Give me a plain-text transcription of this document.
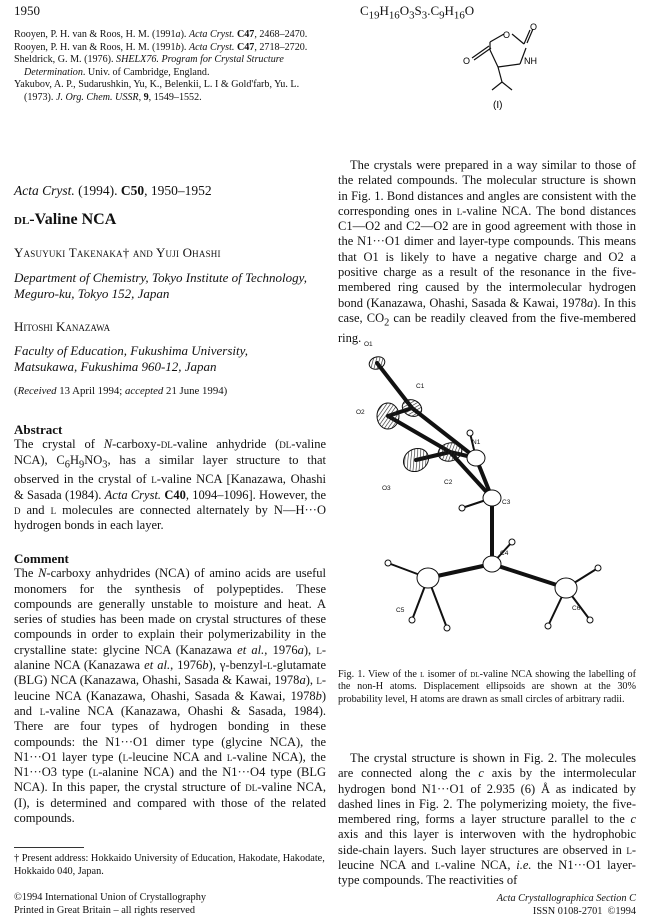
1950	$C_{19}H_{16}O_3S_3.C_9H_{16}O$

Rooyen, P. H. van & Roos, H. M. (1991a). Acta Cryst. C47, 2468–2470.

Rooyen, P. H. van & Roos, H. M. (1991b). Acta Cryst. C47, 2718–2720.

Sheldrick, G. M. (1976). SHELX76. Program for Crystal Structure Determination. Univ. of Cambridge, England.

Yakubov, A. P., Sudarushkin, Yu, K., Belenkii, L. I & Gold'farb, Yu. L. (1973). J. Org. Chem. USSR, 9, 1549–1552.

Acta Cryst. (1994). C50, 1950–1952
dl-Valine NCA
Yasuyuki Takenaka† and Yuji Ohashi
Department of Chemistry, Tokyo Institute of Technology, Meguro-ku, Tokyo 152, Japan
Hitoshi Kanazawa
Faculty of Education, Fukushima University, Matsukawa, Fukushima 960-12, Japan
(Received 13 April 1994; accepted 21 June 1994)

Abstract

The crystal of N-carboxy-dl-valine anhydride (dl-valine NCA), $C_6H_9NO_3$, has a similar layer structure to that observed in the crystal of l-valine NCA [Kanazawa, Ohashi & Sasada (1984). Acta Cryst. C40, 1094–1096]. However, the d and l molecules are connected alternately by N—H···O hydrogen bonds in each layer.

Comment

The N-carboxy anhydrides (NCA) of amino acids are useful monomers for the synthesis of polypeptides. These compounds are generally unstable to moisture and heat. A series of studies has been made on crystal structures of these compounds in order to explain their polymerizability in the crystalline state: glycine NCA (Kanazawa et al., 1976a), l-alanine NCA (Kanazawa et al., 1976b), γ-benzyl-l-glutamate (BLG) NCA (Kanazawa, Ohashi, Sasada & Kawai, 1978a), l-leucine NCA (Kanazawa, Ohashi, Sasada & Kawai, 1978b) and l-valine NCA (Kanazawa, Ohashi & Sasada, 1984). There are four types of hydrogen bonding in these compounds: the N1···O1 dimer type (glycine NCA), the N1···O1 layer type (l-leucine NCA and l-valine NCA), the N1···O3 type (l-alanine NCA) and the N1···O4 type (BLG NCA). In this paper, the crystal structure of dl-valine NCA, (I), is determined and compared with those of the related compounds.

† Present address: Hokkaido University of Education, Hakodate, Hakodate, Hokkaido 040, Japan.
©1994 International Union of Crystallography
Printed in Great Britain – all rights reserved
O
O
O	NH
(I)

The crystals were prepared in a way similar to those of the related compounds. The molecular structure is shown in Fig. 1. Bond distances and angles are consistent with the corresponding ones in l-valine NCA. The bond distances C1—O2 and C2—O2 are in good agreement with those in the N1···O1 dimer and layer-type compounds. This means that O1 is likely to have a negative charge and O2 a positive charge as a result of the resonance in the five-membered ring caused by the intermolecular hydrogen bond (Kanazawa, Ohashi, Sasada & Kawai, 1978a). In this case, $CO_2$ can be readily cleaved from the five-membered ring. O1
C1
O2
N1
O3
C2
C3
C4
C5	C6
Fig. 1. View of the l isomer of dl-valine NCA showing the labelling of the non-H atoms. Displacement ellipsoids are shown at the 30% probability level, H atoms are drawn as small circles of arbitrary radii.

The crystal structure is shown in Fig. 2. The molecules are connected along the c axis by the intermolecular hydrogen bond N1···O1 of 2.935 (6) Å as indicated by dashed lines in Fig. 2. The polymerizing moiety, the five-membered ring, forms a layer structure parallel to the c axis and this layer is interwoven with the hydrophobic side-chain layers. Such layer structures are observed in l-leucine NCA and l-valine NCA, i.e. the N1···O1 layer-type compounds. The reactivities of

Acta Crystallographica Section C
ISSN 0108-2701 ©1994
